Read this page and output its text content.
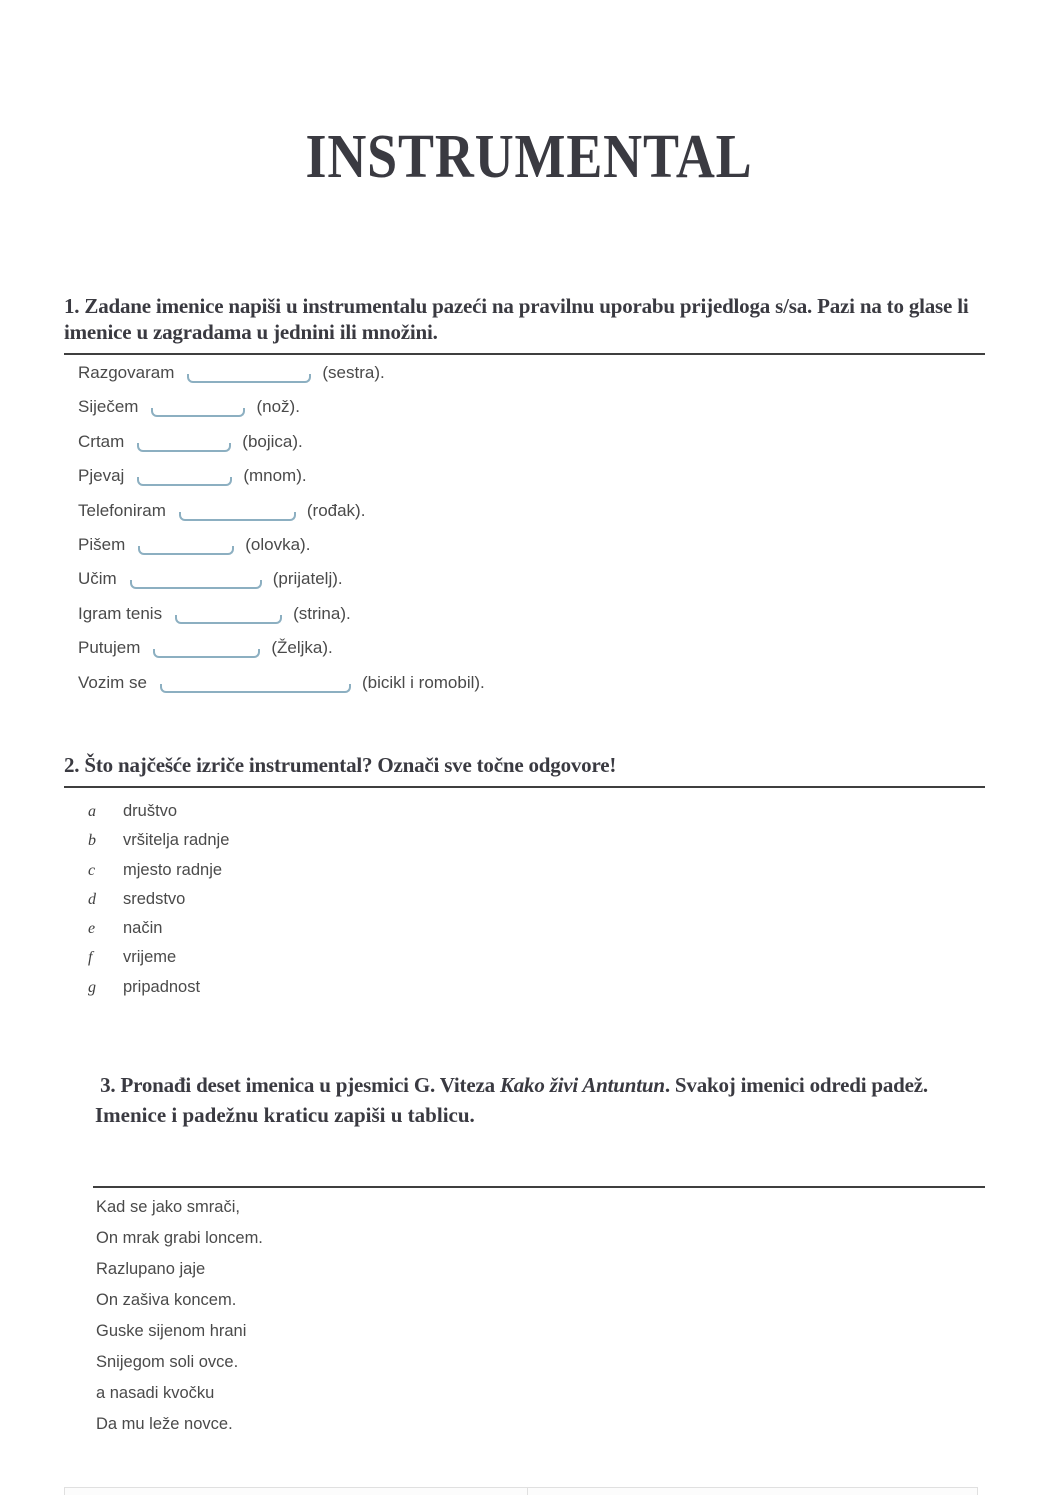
INSTRUMENTAL
1. Zadane imenice napiši u instrumentalu pazeći na pravilnu uporabu prijedloga s/sa. Pazi na to glase li imenice u zagradama u jednini ili množini.
Razgovaram	(sestra).
Siječem	(nož).
Crtam	(bojica).
Pjevaj	(mnom).
Telefoniram	(rođak).
Pišem	(olovka).
Učim	(prijatelj).
Igram tenis	(strina).
Putujem	(Željka).
Vozim se	(bicikl i romobil).
2. Što najčešće izriče instrumental? Označi sve točne odgovore!
a društvo
b vršitelja radnje
c mjesto radnje
d sredstvo
e način
f vrijeme
g pripadnost
3. Pronađi deset imenica u pjesmici G. Viteza Kako živi Antuntun. Svakoj imenici odredi padež.

Imenice i padežnu kraticu zapiši u tablicu.

Kad se jako smrači,
On mrak grabi loncem.
Razlupano jaje
On zašiva koncem.
Guske sijenom hrani
Snijegom soli ovce.
a nasadi kvočku
Da mu leže novce.
